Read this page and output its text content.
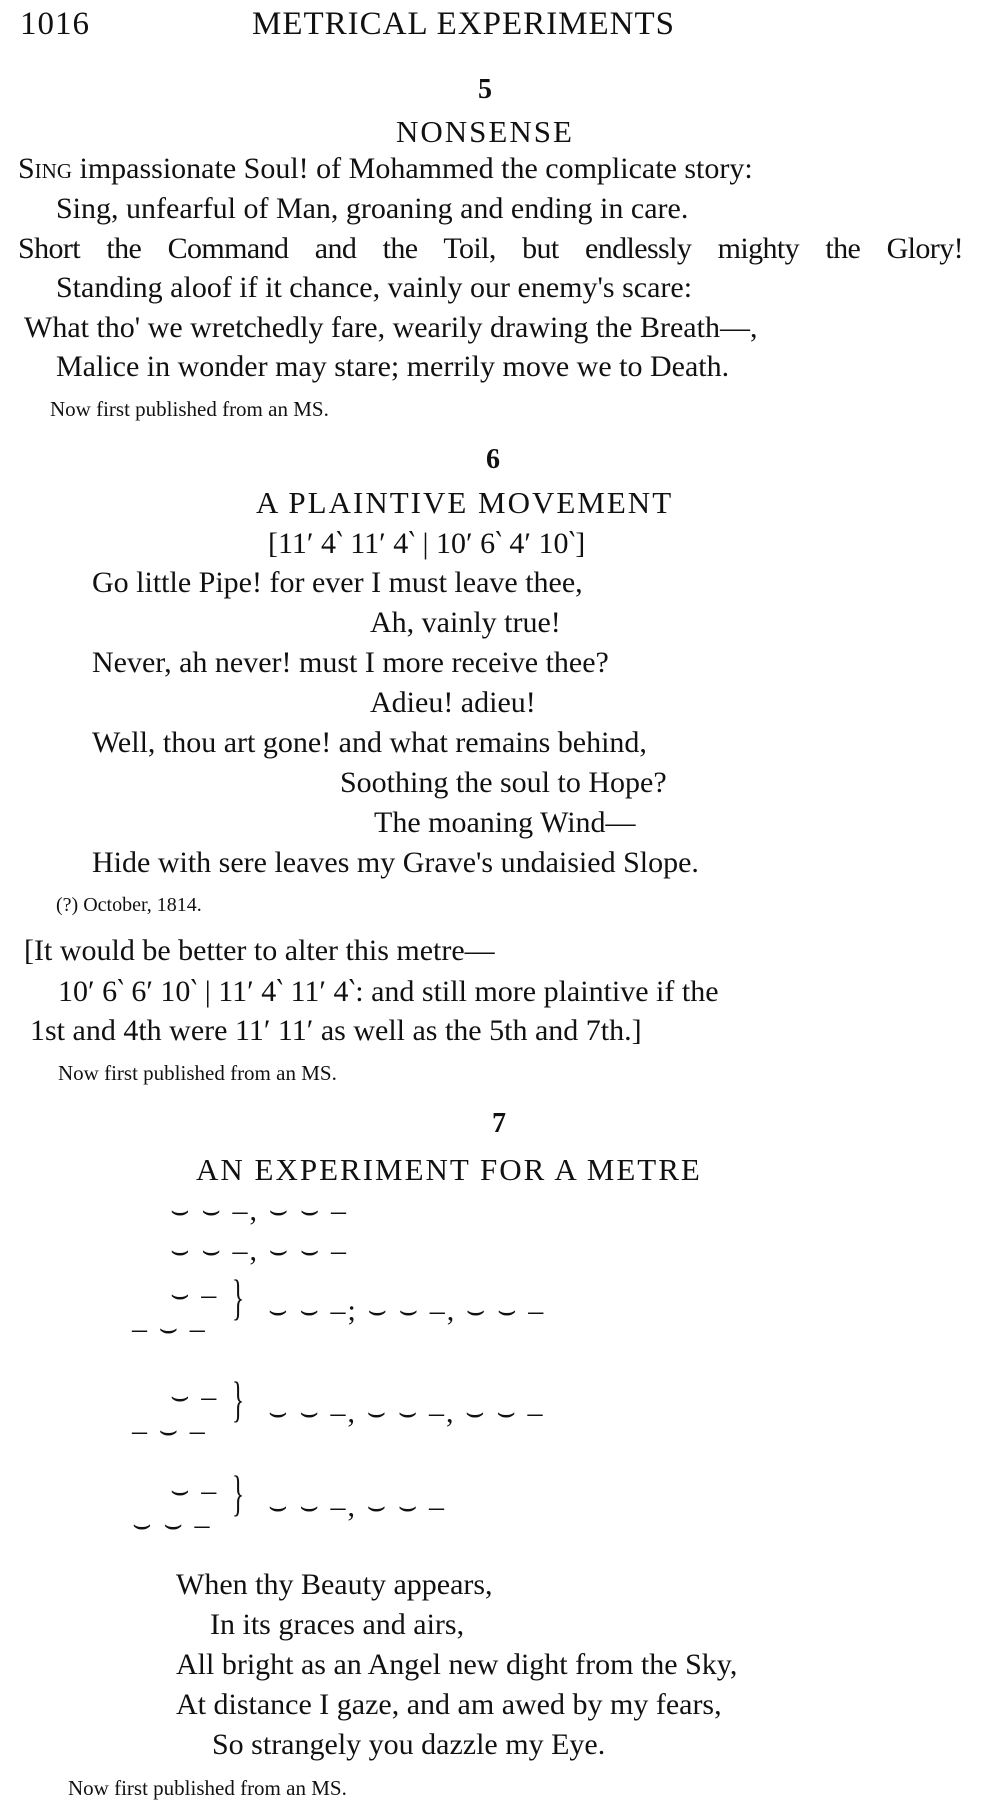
1016	METRICAL EXPERIMENTS
5
NONSENSE
Sing impassionate Soul! of Mohammed the complicate story:
Sing, unfearful of Man, groaning and ending in care.
Short the Command and the Toil, but endlessly mighty the Glory!
Standing aloof if it chance, vainly our enemy's scare:
What tho' we wretchedly fare, wearily drawing the Breath—,
Malice in wonder may stare; merrily move we to Death.
Now first published from an MS.
6
A PLAINTIVE MOVEMENT
[11′ 4‵ 11′ 4‵ | 10′ 6‵ 4′ 10‵]
Go little Pipe! for ever I must leave thee,
Ah, vainly true!
Never, ah never! must I more receive thee?
Adieu! adieu!
Well, thou art gone! and what remains behind,
Soothing the soul to Hope?
The moaning Wind—
Hide with sere leaves my Grave's undaisied Slope.
(?) October, 1814.
[It would be better to alter this metre—
10′ 6‵ 6′ 10‵ | 11′ 4‵ 11′ 4‵: and still more plaintive if the
1st and 4th were 11′ 11′ as well as the 5th and 7th.]
Now first published from an MS.
7
AN EXPERIMENT FOR A METRE
⌣ ⌣ –, ⌣ ⌣ –
⌣ ⌣ –, ⌣ ⌣ –
⌣ –
– ⌣ –
} ⌣ ⌣ –; ⌣ ⌣ –, ⌣ ⌣ –
⌣ –
– ⌣ –
} ⌣ ⌣ –, ⌣ ⌣ –, ⌣ ⌣ –
⌣ –
⌣ ⌣ –
} ⌣ ⌣ –, ⌣ ⌣ –
When thy Beauty appears,
In its graces and airs,
All bright as an Angel new dight from the Sky,
At distance I gaze, and am awed by my fears,
So strangely you dazzle my Eye.
Now first published from an MS.
